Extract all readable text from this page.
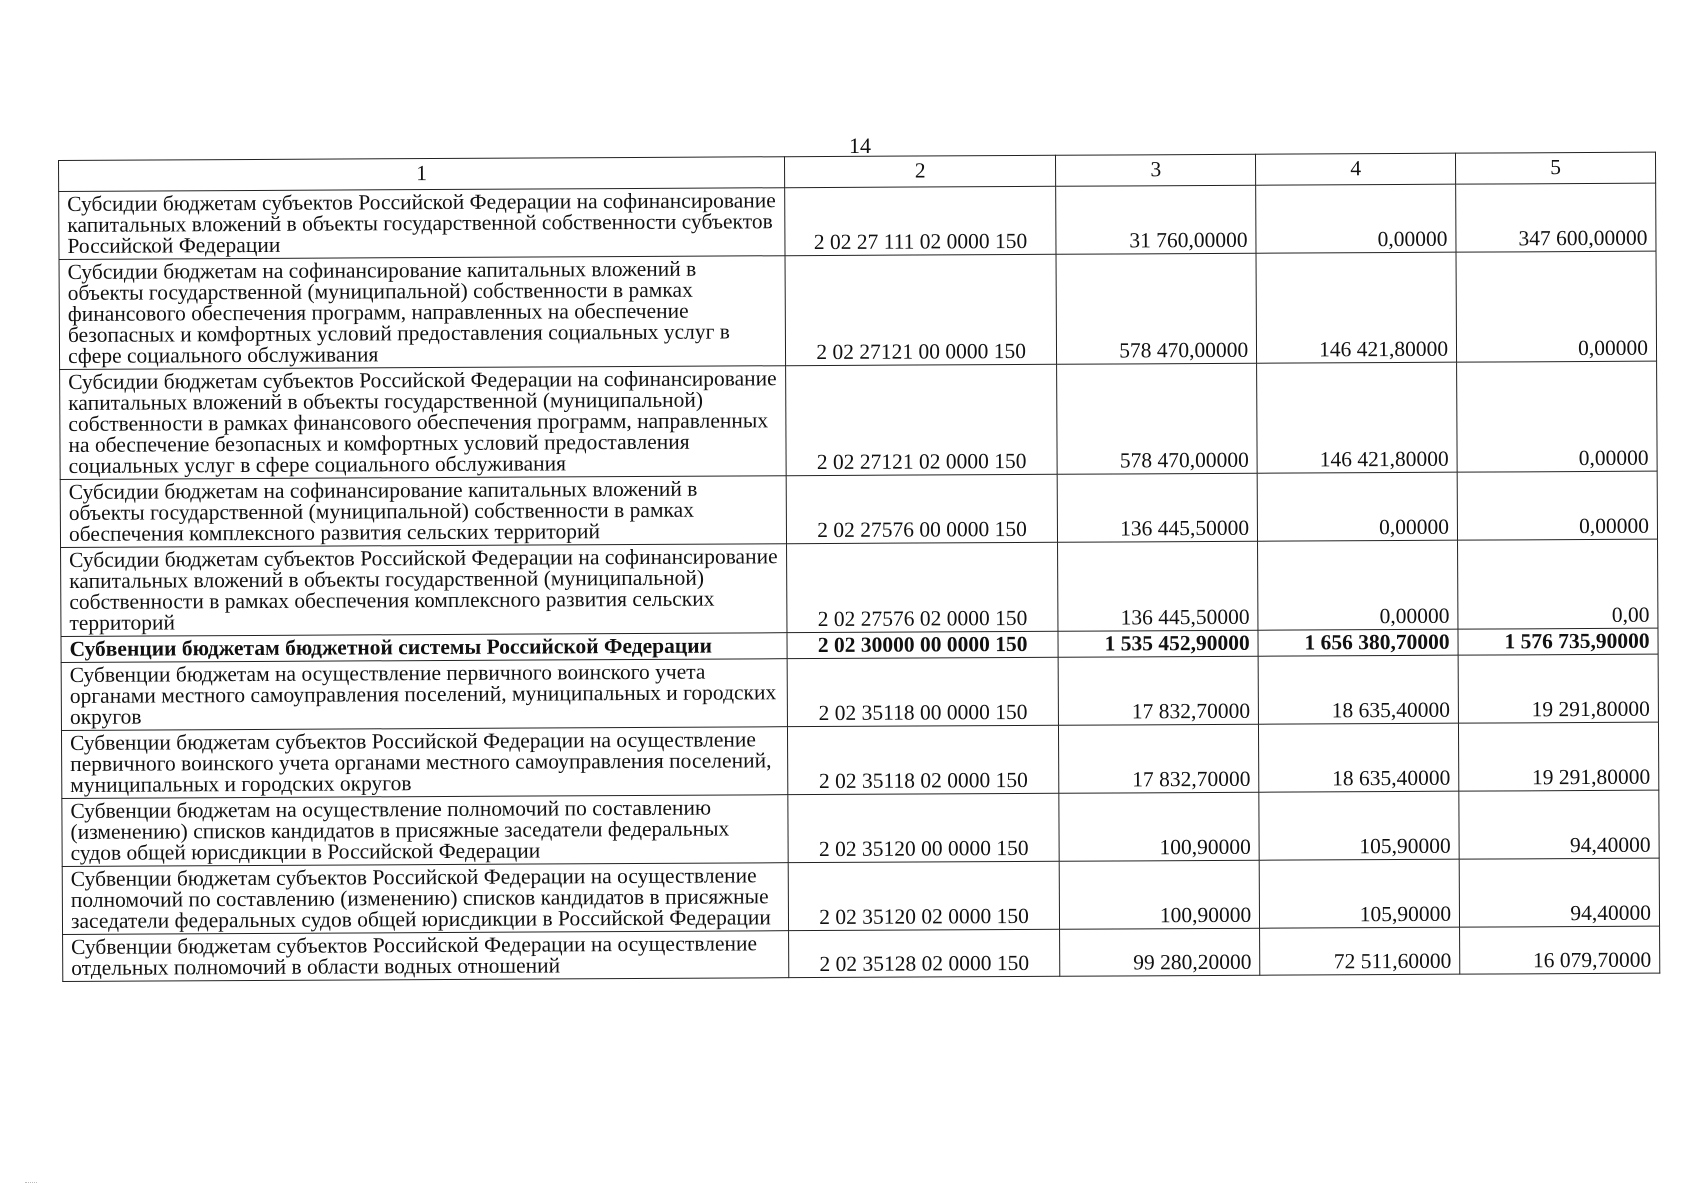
14
1	2	3	4	5
Субсидии бюджетам субъектов Российской Федерации на софинансирование капитальных вложений в объекты государственной собственности субъектов Российской Федерации	2 02 27 111 02 0000 150	31 760,00000	0,00000	347 600,00000
Субсидии бюджетам на софинансирование капитальных вложений в объекты государственной (муниципальной) собственности в рамках финансового обеспечения программ, направленных на обеспечение безопасных и комфортных условий предоставления социальных услуг в сфере социального обслуживания	2 02 27121 00 0000 150	578 470,00000	146 421,80000	0,00000
Субсидии бюджетам субъектов Российской Федерации на софинансирование капитальных вложений в объекты государственной (муниципальной) собственности в рамках финансового обеспечения программ, направленных на обеспечение безопасных и комфортных условий предоставления социальных услуг в сфере социального обслуживания	2 02 27121 02 0000 150	578 470,00000	146 421,80000	0,00000
Субсидии бюджетам на софинансирование капитальных вложений в объекты государственной (муниципальной) собственности в рамках обеспечения комплексного развития сельских территорий	2 02 27576 00 0000 150	136 445,50000	0,00000	0,00000
Субсидии бюджетам субъектов Российской Федерации на софинансирование капитальных вложений в объекты государственной (муниципальной) собственности в рамках обеспечения комплексного развития сельских территорий	2 02 27576 02 0000 150	136 445,50000	0,00000	0,00
Субвенции бюджетам бюджетной системы Российской Федерации	2 02 30000 00 0000 150	1 535 452,90000	1 656 380,70000	1 576 735,90000
Субвенции бюджетам на осуществление первичного воинского учета органами местного самоуправления поселений, муниципальных и городских округов	2 02 35118 00 0000 150	17 832,70000	18 635,40000	19 291,80000
Субвенции бюджетам субъектов Российской Федерации на осуществление первичного воинского учета органами местного самоуправления поселений, муниципальных и городских округов	2 02 35118 02 0000 150	17 832,70000	18 635,40000	19 291,80000
Субвенции бюджетам на осуществление полномочий по составлению (изменению) списков кандидатов в присяжные заседатели федеральных судов общей юрисдикции в Российской Федерации	2 02 35120 00 0000 150	100,90000	105,90000	94,40000
Субвенции бюджетам субъектов Российской Федерации на осуществление полномочий по составлению (изменению) списков кандидатов в присяжные заседатели федеральных судов общей юрисдикции в Российской Федерации	2 02 35120 02 0000 150	100,90000	105,90000	94,40000
Субвенции бюджетам субъектов Российской Федерации на осуществление отдельных полномочий в области водных отношений	2 02 35128 02 0000 150	99 280,20000	72 511,60000	16 079,70000
